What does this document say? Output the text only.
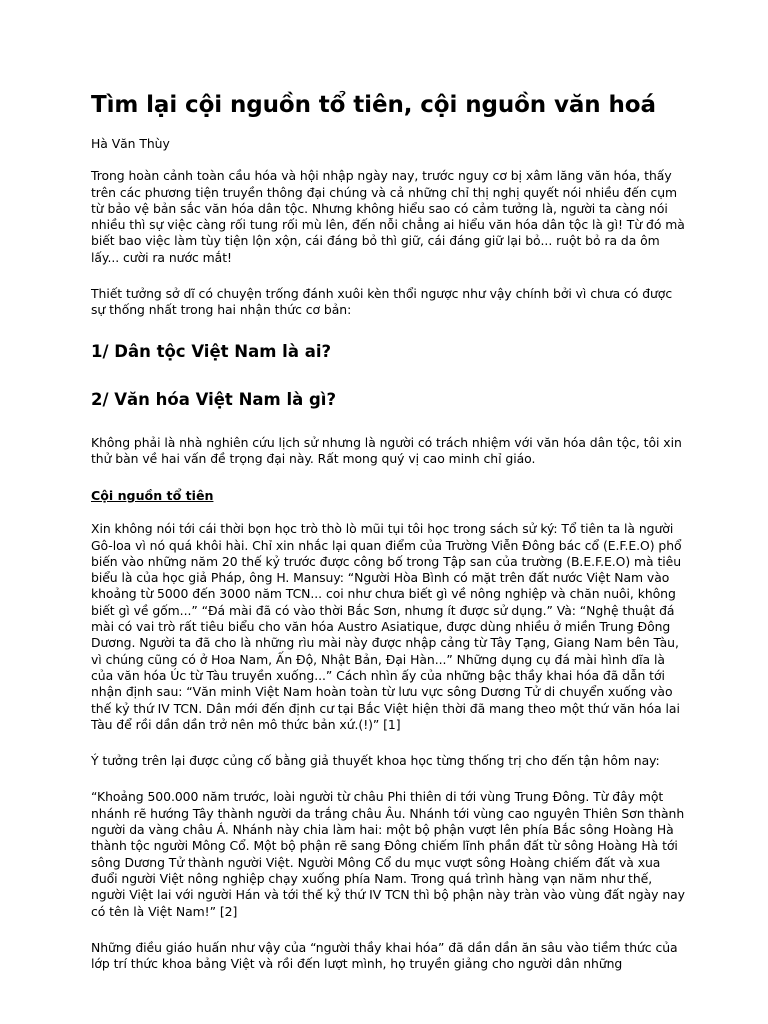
Tìm lại cội nguồn tổ tiên, cội nguồn văn hoá

Hà Văn Thùy

Trong hoàn cảnh toàn cầu hóa và hội nhập ngày nay, trước nguy cơ bị xâm lăng văn hóa, thấy trên các phương tiện truyền thông đại chúng và cả những chỉ thị nghị quyết nói nhiều đến cụm từ bảo vệ bản sắc văn hóa dân tộc. Nhưng không hiểu sao có cảm tưởng là, người ta càng nói nhiều thì sự việc càng rối tung rối mù lên, đến nỗi chẳng ai hiểu văn hóa dân tộc là gì! Từ đó mà biết bao việc làm tùy tiện lộn xộn, cái đáng bỏ thì giữ, cái đáng giữ lại bỏ... ruột bỏ ra da ôm lấy... cười ra nước mắt!

Thiết tưởng sở dĩ có chuyện trống đánh xuôi kèn thổi ngược như vậy chính bởi vì chưa có được sự thống nhất trong hai nhận thức cơ bản:

1/ Dân tộc Việt Nam là ai?
2/ Văn hóa Việt Nam là gì?

Không phải là nhà nghiên cứu lịch sử nhưng là người có trách nhiệm với văn hóa dân tộc, tôi xin thử bàn về hai vấn đề trọng đại này. Rất mong quý vị cao minh chỉ giáo.

Cội nguồn tổ tiên

Xin không nói tới cái thời bọn học trò thò lò mũi tụi tôi học trong sách sử ký: Tổ tiên ta là người Gô-loa vì nó quá khôi hài. Chỉ xin nhắc lại quan điểm của Trường Viễn Đông bác cổ (E.F.E.O) phổ biến vào những năm 20 thế kỷ trước được công bố trong Tập san của trường (B.E.F.E.O) mà tiêu biểu là của học giả Pháp, ông H. Mansuy: “Người Hòa Bình có mặt trên đất nước Việt Nam vào khoảng từ 5000 đến 3000 năm TCN... coi như chưa biết gì về nông nghiệp và chăn nuôi, không biết gì về gốm...” “Đá mài đã có vào thời Bắc Sơn, nhưng ít được sử dụng.” Và: “Nghệ thuật đá mài có vai trò rất tiêu biểu cho văn hóa Austro Asiatique, được dùng nhiều ở miền Trung Đông Dương. Người ta đã cho là những rìu mài này được nhập cảng từ Tây Tạng, Giang Nam bên Tàu, vì chúng cũng có ở Hoa Nam, Ấn Độ, Nhật Bản, Đại Hàn...” Những dụng cụ đá mài hình dĩa là của văn hóa Úc từ Tàu truyền xuống...” Cách nhìn ấy của những bậc thầy khai hóa đã dẫn tới nhận định sau: “Văn minh Việt Nam hoàn toàn từ lưu vực sông Dương Tử di chuyển xuống vào thế kỷ thứ IV TCN. Dân mới đến định cư tại Bắc Việt hiện thời đã mang theo một thứ văn hóa lai Tàu để rồi dần dần trở nên mô thức bản xứ.(!)” [1]

Ý tưởng trên lại được củng cố bằng giả thuyết khoa học từng thống trị cho đến tận hôm nay:

“Khoảng 500.000 năm trước, loài người từ châu Phi thiên di tới vùng Trung Đông. Từ đây một nhánh rẽ hướng Tây thành người da trắng châu Âu. Nhánh tới vùng cao nguyên Thiên Sơn thành người da vàng châu Á. Nhánh này chia làm hai: một bộ phận vượt lên phía Bắc sông Hoàng Hà thành tộc người Mông Cổ. Một bộ phận rẽ sang Đông chiếm lĩnh phần đất từ sông Hoàng Hà tới sông Dương Tử thành người Việt. Người Mông Cổ du mục vượt sông Hoàng chiếm đất và xua đuổi người Việt nông nghiệp chạy xuống phía Nam. Trong quá trình hàng vạn năm như thế, người Việt lai với người Hán và tới thế kỷ thứ IV TCN thì bộ phận này tràn vào vùng đất ngày nay có tên là Việt Nam!” [2]

Những điều giáo huấn như vậy của “người thầy khai hóa” đã dần dần ăn sâu vào tiềm thức của lớp trí thức khoa bảng Việt và rồi đến lượt mình, họ truyền giảng cho người dân những
